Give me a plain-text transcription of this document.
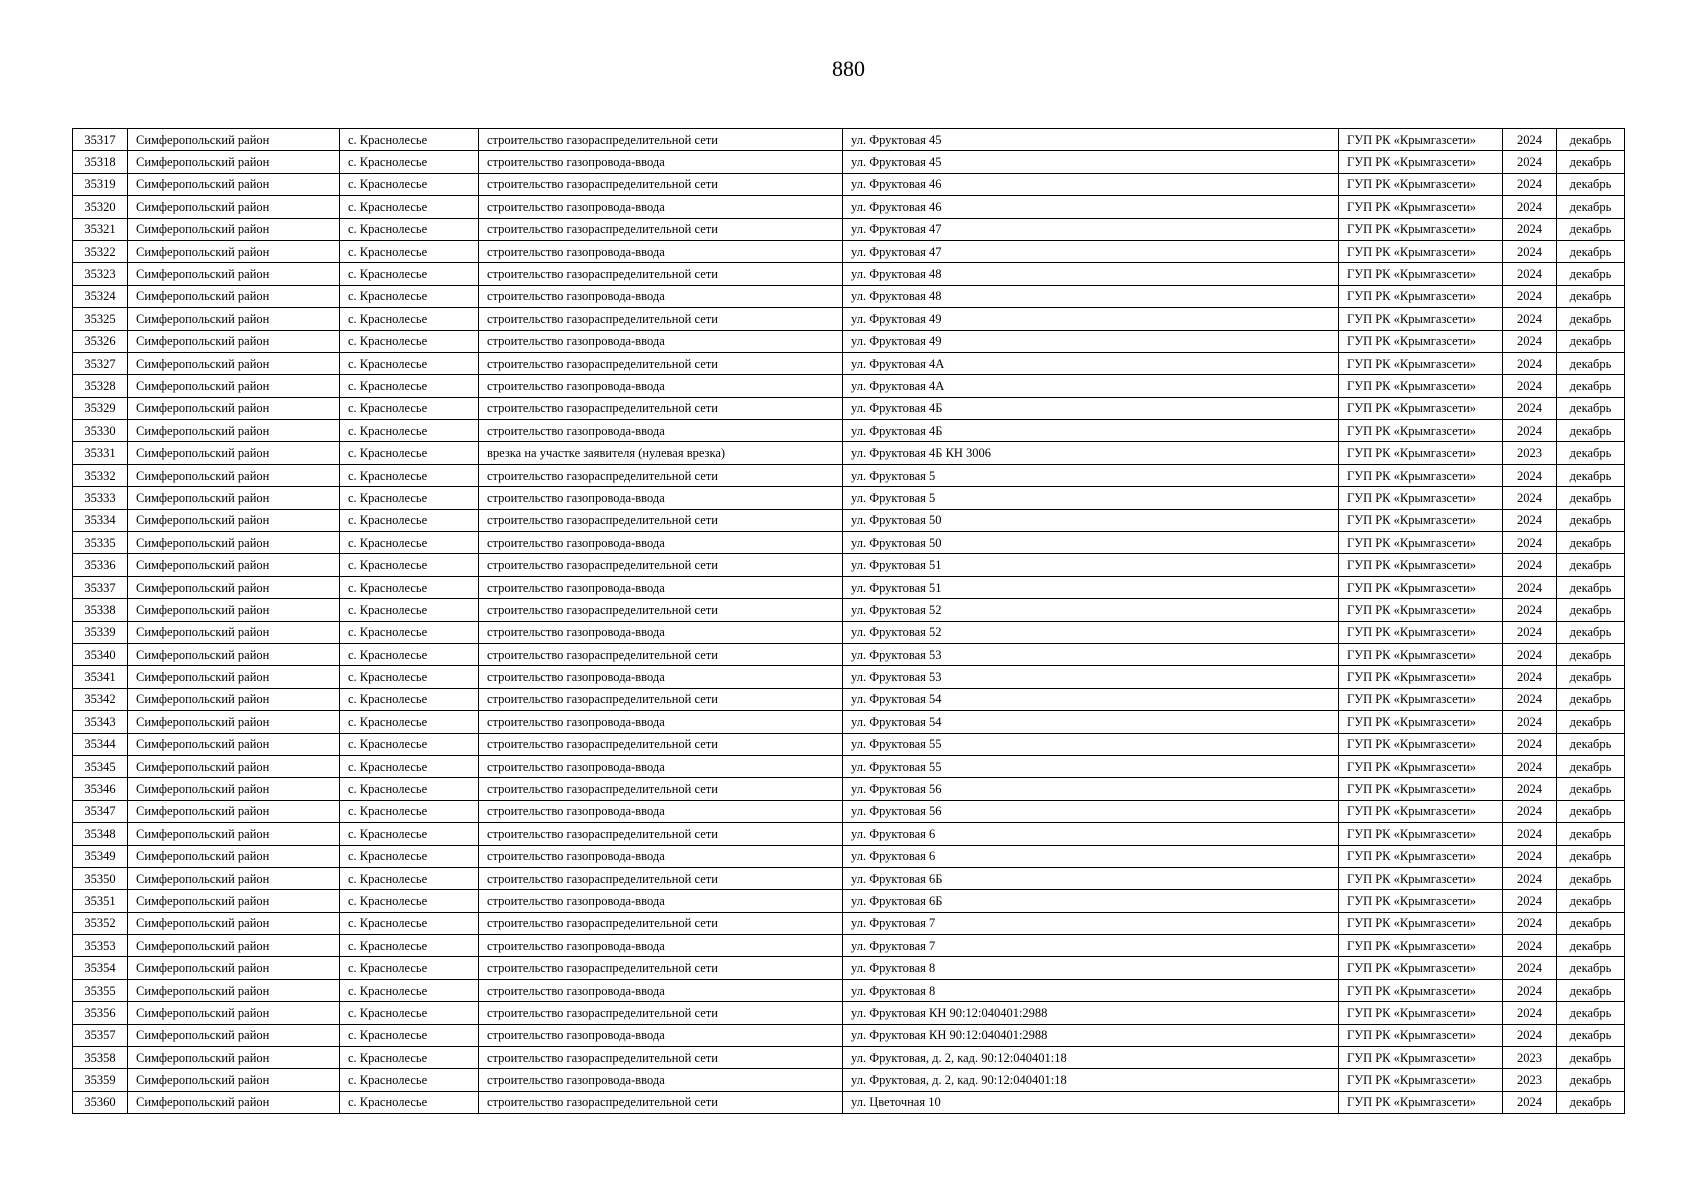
880
35317	Симферопольский район	с. Краснолесье	строительство газораспределительной сети	ул. Фруктовая 45	ГУП РК «Крымгазсети»	2024	декабрь
35318	Симферопольский район	с. Краснолесье	строительство газопровода-ввода	ул. Фруктовая 45	ГУП РК «Крымгазсети»	2024	декабрь
35319	Симферопольский район	с. Краснолесье	строительство газораспределительной сети	ул. Фруктовая 46	ГУП РК «Крымгазсети»	2024	декабрь
35320	Симферопольский район	с. Краснолесье	строительство газопровода-ввода	ул. Фруктовая 46	ГУП РК «Крымгазсети»	2024	декабрь
35321	Симферопольский район	с. Краснолесье	строительство газораспределительной сети	ул. Фруктовая 47	ГУП РК «Крымгазсети»	2024	декабрь
35322	Симферопольский район	с. Краснолесье	строительство газопровода-ввода	ул. Фруктовая 47	ГУП РК «Крымгазсети»	2024	декабрь
35323	Симферопольский район	с. Краснолесье	строительство газораспределительной сети	ул. Фруктовая 48	ГУП РК «Крымгазсети»	2024	декабрь
35324	Симферопольский район	с. Краснолесье	строительство газопровода-ввода	ул. Фруктовая 48	ГУП РК «Крымгазсети»	2024	декабрь
35325	Симферопольский район	с. Краснолесье	строительство газораспределительной сети	ул. Фруктовая 49	ГУП РК «Крымгазсети»	2024	декабрь
35326	Симферопольский район	с. Краснолесье	строительство газопровода-ввода	ул. Фруктовая 49	ГУП РК «Крымгазсети»	2024	декабрь
35327	Симферопольский район	с. Краснолесье	строительство газораспределительной сети	ул. Фруктовая 4А	ГУП РК «Крымгазсети»	2024	декабрь
35328	Симферопольский район	с. Краснолесье	строительство газопровода-ввода	ул. Фруктовая 4А	ГУП РК «Крымгазсети»	2024	декабрь
35329	Симферопольский район	с. Краснолесье	строительство газораспределительной сети	ул. Фруктовая 4Б	ГУП РК «Крымгазсети»	2024	декабрь
35330	Симферопольский район	с. Краснолесье	строительство газопровода-ввода	ул. Фруктовая 4Б	ГУП РК «Крымгазсети»	2024	декабрь
35331	Симферопольский район	с. Краснолесье	врезка на участке заявителя (нулевая врезка)	ул. Фруктовая 4Б КН 3006	ГУП РК «Крымгазсети»	2023	декабрь
35332	Симферопольский район	с. Краснолесье	строительство газораспределительной сети	ул. Фруктовая 5	ГУП РК «Крымгазсети»	2024	декабрь
35333	Симферопольский район	с. Краснолесье	строительство газопровода-ввода	ул. Фруктовая 5	ГУП РК «Крымгазсети»	2024	декабрь
35334	Симферопольский район	с. Краснолесье	строительство газораспределительной сети	ул. Фруктовая 50	ГУП РК «Крымгазсети»	2024	декабрь
35335	Симферопольский район	с. Краснолесье	строительство газопровода-ввода	ул. Фруктовая 50	ГУП РК «Крымгазсети»	2024	декабрь
35336	Симферопольский район	с. Краснолесье	строительство газораспределительной сети	ул. Фруктовая 51	ГУП РК «Крымгазсети»	2024	декабрь
35337	Симферопольский район	с. Краснолесье	строительство газопровода-ввода	ул. Фруктовая 51	ГУП РК «Крымгазсети»	2024	декабрь
35338	Симферопольский район	с. Краснолесье	строительство газораспределительной сети	ул. Фруктовая 52	ГУП РК «Крымгазсети»	2024	декабрь
35339	Симферопольский район	с. Краснолесье	строительство газопровода-ввода	ул. Фруктовая 52	ГУП РК «Крымгазсети»	2024	декабрь
35340	Симферопольский район	с. Краснолесье	строительство газораспределительной сети	ул. Фруктовая 53	ГУП РК «Крымгазсети»	2024	декабрь
35341	Симферопольский район	с. Краснолесье	строительство газопровода-ввода	ул. Фруктовая 53	ГУП РК «Крымгазсети»	2024	декабрь
35342	Симферопольский район	с. Краснолесье	строительство газораспределительной сети	ул. Фруктовая 54	ГУП РК «Крымгазсети»	2024	декабрь
35343	Симферопольский район	с. Краснолесье	строительство газопровода-ввода	ул. Фруктовая 54	ГУП РК «Крымгазсети»	2024	декабрь
35344	Симферопольский район	с. Краснолесье	строительство газораспределительной сети	ул. Фруктовая 55	ГУП РК «Крымгазсети»	2024	декабрь
35345	Симферопольский район	с. Краснолесье	строительство газопровода-ввода	ул. Фруктовая 55	ГУП РК «Крымгазсети»	2024	декабрь
35346	Симферопольский район	с. Краснолесье	строительство газораспределительной сети	ул. Фруктовая 56	ГУП РК «Крымгазсети»	2024	декабрь
35347	Симферопольский район	с. Краснолесье	строительство газопровода-ввода	ул. Фруктовая 56	ГУП РК «Крымгазсети»	2024	декабрь
35348	Симферопольский район	с. Краснолесье	строительство газораспределительной сети	ул. Фруктовая 6	ГУП РК «Крымгазсети»	2024	декабрь
35349	Симферопольский район	с. Краснолесье	строительство газопровода-ввода	ул. Фруктовая 6	ГУП РК «Крымгазсети»	2024	декабрь
35350	Симферопольский район	с. Краснолесье	строительство газораспределительной сети	ул. Фруктовая 6Б	ГУП РК «Крымгазсети»	2024	декабрь
35351	Симферопольский район	с. Краснолесье	строительство газопровода-ввода	ул. Фруктовая 6Б	ГУП РК «Крымгазсети»	2024	декабрь
35352	Симферопольский район	с. Краснолесье	строительство газораспределительной сети	ул. Фруктовая 7	ГУП РК «Крымгазсети»	2024	декабрь
35353	Симферопольский район	с. Краснолесье	строительство газопровода-ввода	ул. Фруктовая 7	ГУП РК «Крымгазсети»	2024	декабрь
35354	Симферопольский район	с. Краснолесье	строительство газораспределительной сети	ул. Фруктовая 8	ГУП РК «Крымгазсети»	2024	декабрь
35355	Симферопольский район	с. Краснолесье	строительство газопровода-ввода	ул. Фруктовая 8	ГУП РК «Крымгазсети»	2024	декабрь
35356	Симферопольский район	с. Краснолесье	строительство газораспределительной сети	ул. Фруктовая КН 90:12:040401:2988	ГУП РК «Крымгазсети»	2024	декабрь
35357	Симферопольский район	с. Краснолесье	строительство газопровода-ввода	ул. Фруктовая КН 90:12:040401:2988	ГУП РК «Крымгазсети»	2024	декабрь
35358	Симферопольский район	с. Краснолесье	строительство газораспределительной сети	ул. Фруктовая, д. 2, кад. 90:12:040401:18	ГУП РК «Крымгазсети»	2023	декабрь
35359	Симферопольский район	с. Краснолесье	строительство газопровода-ввода	ул. Фруктовая, д. 2, кад. 90:12:040401:18	ГУП РК «Крымгазсети»	2023	декабрь
35360	Симферопольский район	с. Краснолесье	строительство газораспределительной сети	ул. Цветочная 10	ГУП РК «Крымгазсети»	2024	декабрь
